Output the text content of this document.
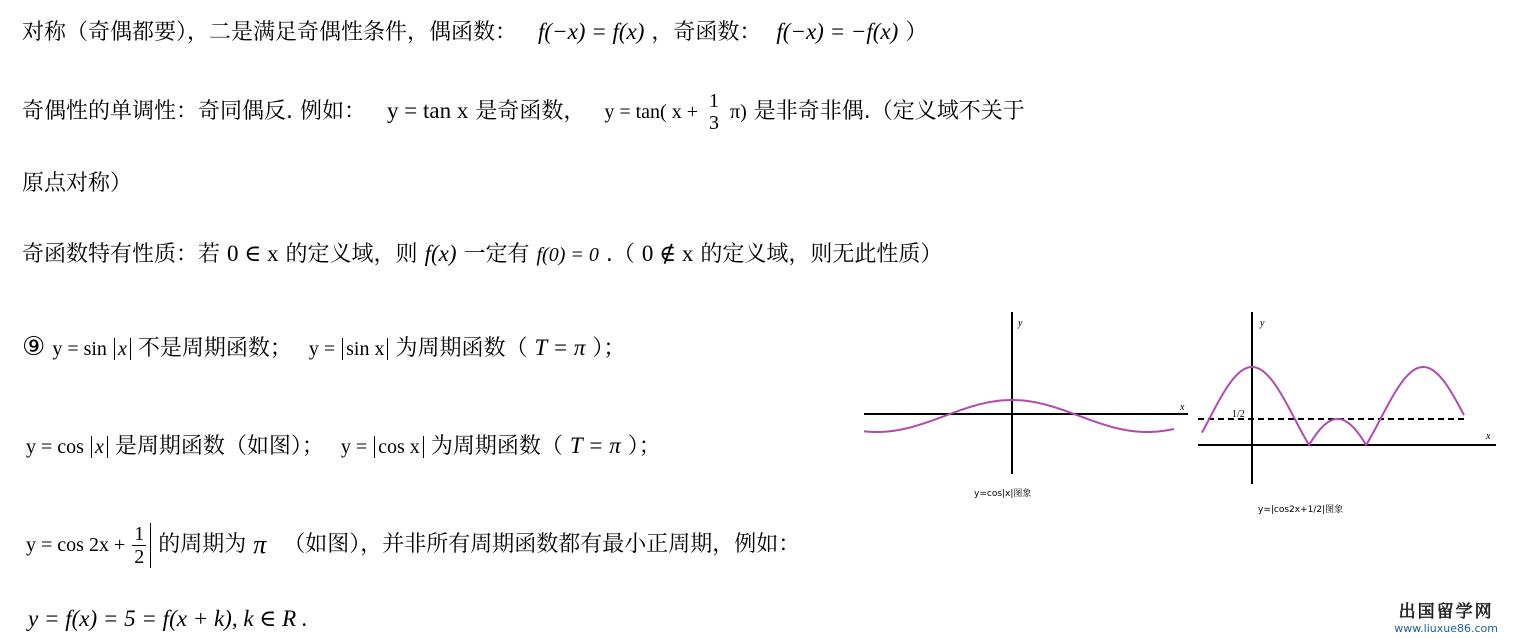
对称（奇偶都要），二是满足奇偶性条件，偶函数： f(−x) = f(x) ，奇函数： f(−x) = −f(x) ）
奇偶性的单调性：奇同偶反. 例如： y = tan x 是奇函数， y = tan( x + 1
3 π) 是非奇非偶.（定义域不关于
原点对称）
奇函数特有性质：若 0 ∈ x 的定义域，则 f(x) 一定有 f(0) = 0 .（ 0 ∉ x 的定义域，则无此性质）
⑨ y = sin x 不是周期函数； y = sin x 为周期函数（ T = π ）；
y = cos x 是周期函数（如图）； y = cos x 为周期函数（ T = π ）；
$y = \cos 2x + \frac{1}{2}$ 的周期为 π （如图），并非所有周期函数都有最小正周期，例如：
y = f(x) = 5 = f(x + k), k ∈ R .
y
x
y=cos|x|图象
y
x
1/2
y=|cos2x+1/2|图象
出国留学网
www.liuxue86.com
